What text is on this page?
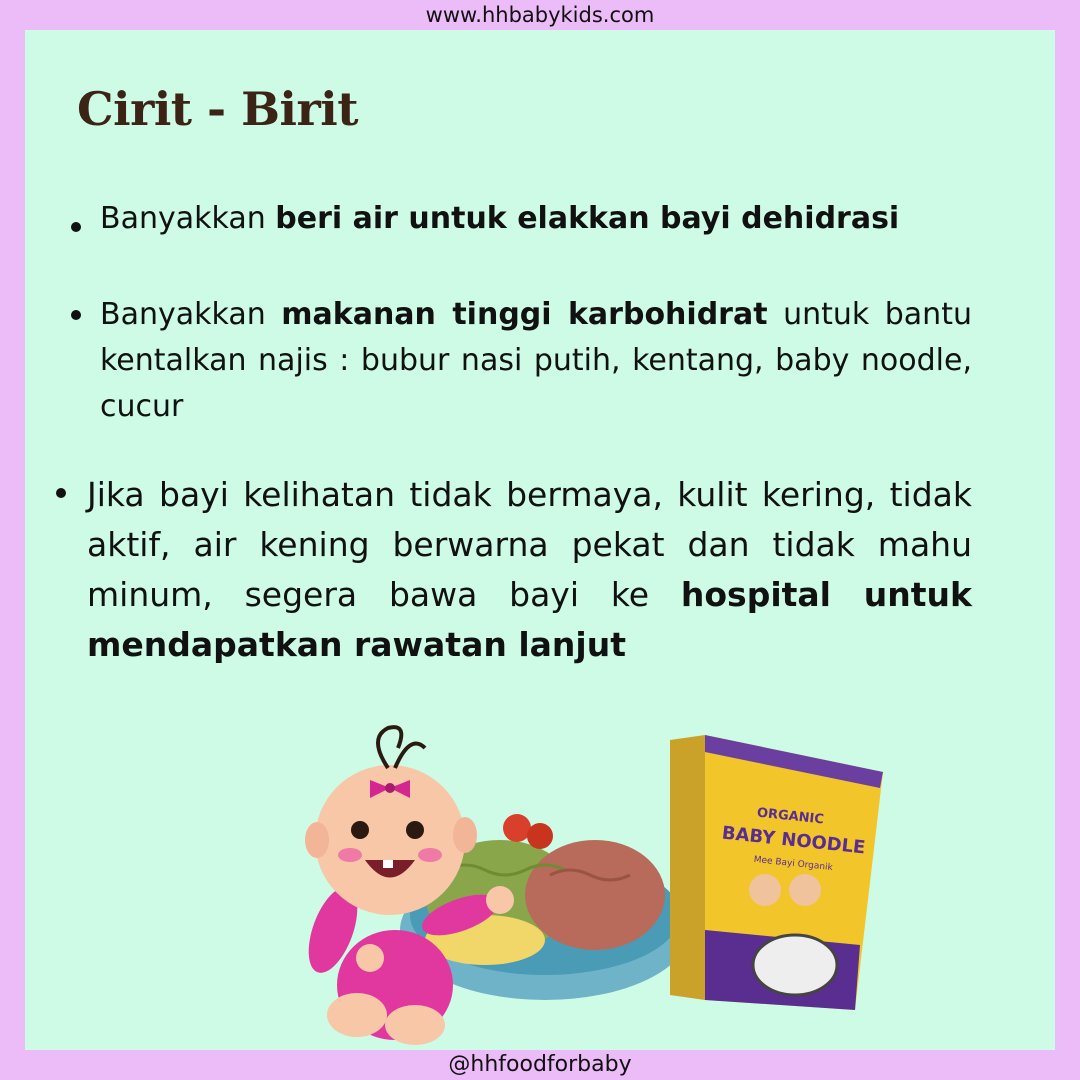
www.hhbabykids.com
Cirit - Birit
Banyakkan beri air untuk elakkan bayi dehidrasi
Banyakkan makanan tinggi karbohidrat untuk bantu kentalkan najis : bubur nasi putih, kentang, baby noodle, cucur
Jika bayi kelihatan tidak bermaya, kulit kering, tidak aktif, air kening berwarna pekat dan tidak mahu minum, segera bawa bayi ke hospital untuk mendapatkan rawatan lanjut
ORGANIC
BABY NOODLE
Mee Bayi Organik
@hhfoodforbaby
